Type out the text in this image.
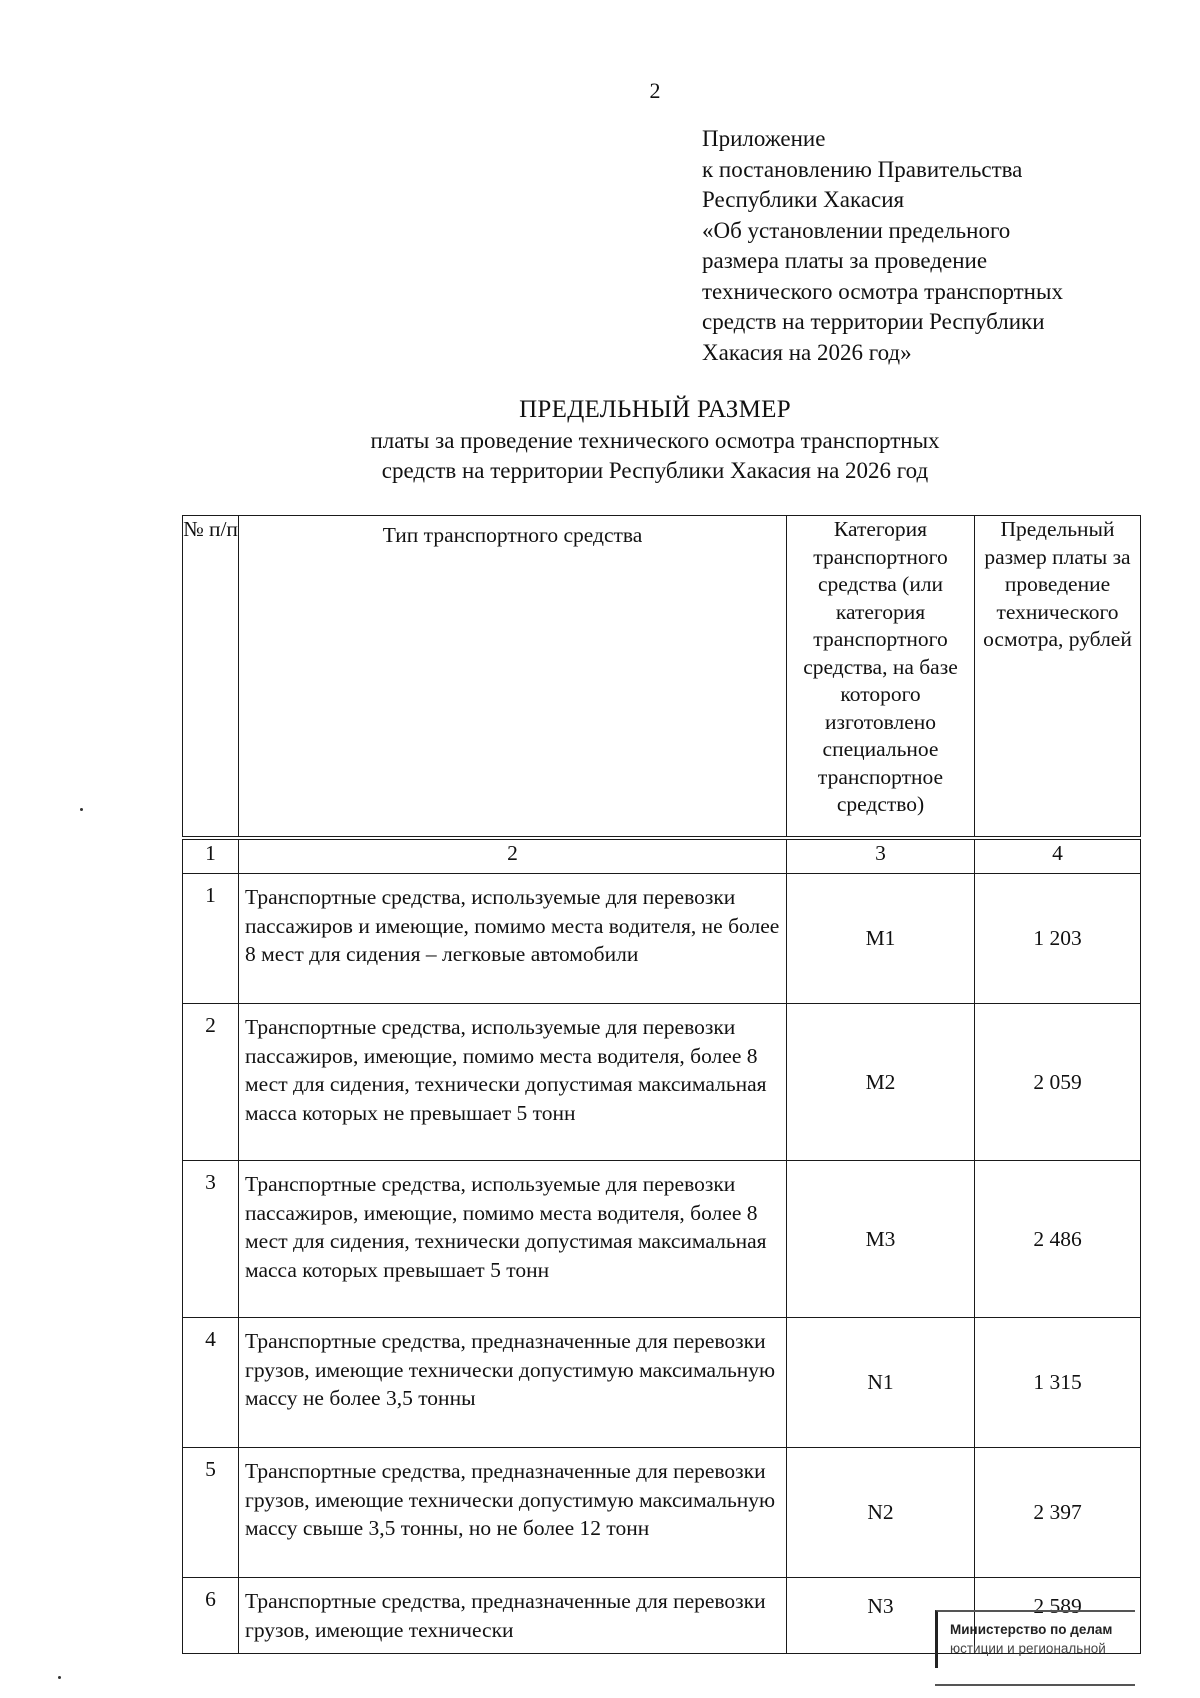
2
Приложение
к постановлению Правительства
Республики Хакасия
«Об установлении предельного
размера платы за проведение
технического осмотра транспортных
средств на территории Республики
Хакасия на 2026 год»
ПРЕДЕЛЬНЫЙ РАЗМЕР
платы за проведение технического осмотра транспортных
средств на территории Республики Хакасия на 2026 год
№ п/п	Тип транспортного средства	Категория транспортного средства (или категория транспортного средства, на базе которого изготовлено специальное транспортное средство)	Предельный размер платы за проведение технического осмотра, рублей
1	2	3	4
1	Транспортные средства, используемые для перевозки пассажиров и имеющие, помимо места водителя, не более 8 мест для сидения – легковые автомобили	M1	1 203
2	Транспортные средства, используемые для перевозки пассажиров, имеющие, помимо места водителя, более 8 мест для сидения, технически допустимая максимальная масса которых не превышает 5 тонн	M2	2 059
3	Транспортные средства, используемые для перевозки пассажиров, имеющие, помимо места водителя, более 8 мест для сидения, технически допустимая максимальная масса которых превышает 5 тонн	M3	2 486
4	Транспортные средства, предназначенные для перевозки грузов, имеющие технически допустимую максимальную массу не более 3,5 тонны	N1	1 315
5	Транспортные средства, предназначенные для перевозки грузов, имеющие технически допустимую максимальную массу свыше 3,5 тонны, но не более 12 тонн	N2	2 397
6	Транспортные средства, предназначенные для перевозки грузов, имеющие технически	N3	2 589
Министерство по делам
юстиции и региональной
